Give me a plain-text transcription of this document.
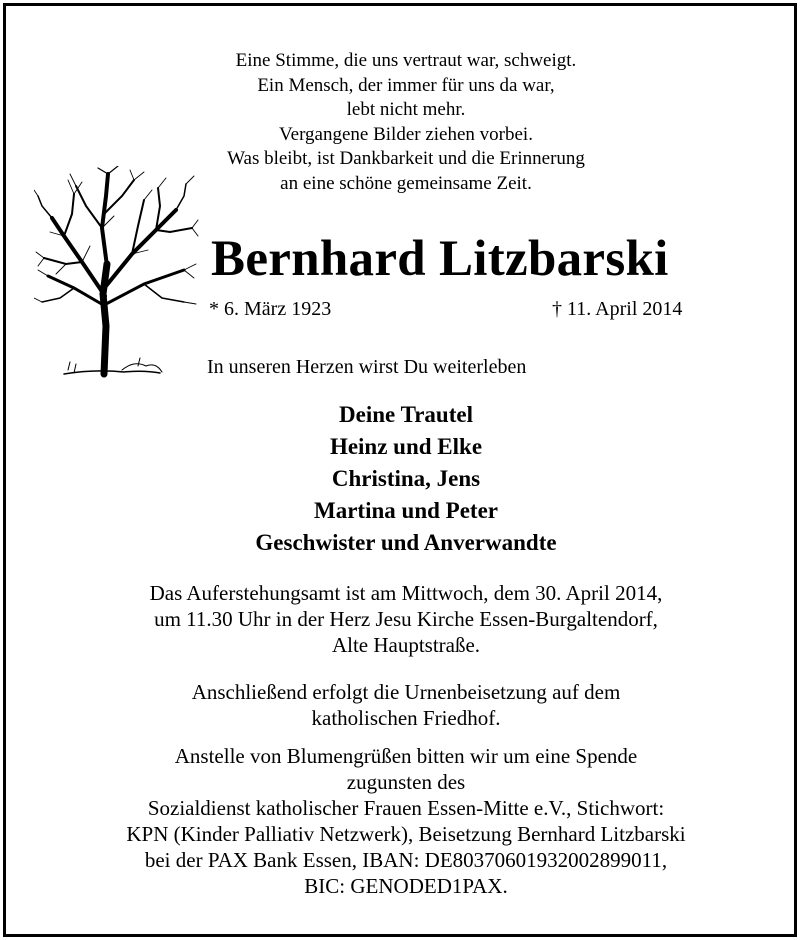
Eine Stimme, die uns vertraut war, schweigt.
Ein Mensch, der immer für uns da war,
lebt nicht mehr.
Vergangene Bilder ziehen vorbei.
Was bleibt, ist Dankbarkeit und die Erinnerung
an eine schöne gemeinsame Zeit.
Bernhard Litzbarski
* 6. März 1923	† 11. April 2014
In unseren Herzen wirst Du weiterleben
Deine Trautel
Heinz und Elke
Christina, Jens
Martina und Peter
Geschwister und Anverwandte
Das Auferstehungsamt ist am Mittwoch, dem 30. April 2014,
um 11.30 Uhr in der Herz Jesu Kirche Essen-Burgaltendorf,
Alte Hauptstraße.
Anschließend erfolgt die Urnenbeisetzung auf dem
katholischen Friedhof.
Anstelle von Blumengrüßen bitten wir um eine Spende
zugunsten des
Sozialdienst katholischer Frauen Essen-Mitte e.V., Stichwort:
KPN (Kinder Palliativ Netzwerk), Beisetzung Bernhard Litzbarski
bei der PAX Bank Essen, IBAN: DE80370601932002899011,
BIC: GENODED1PAX.
